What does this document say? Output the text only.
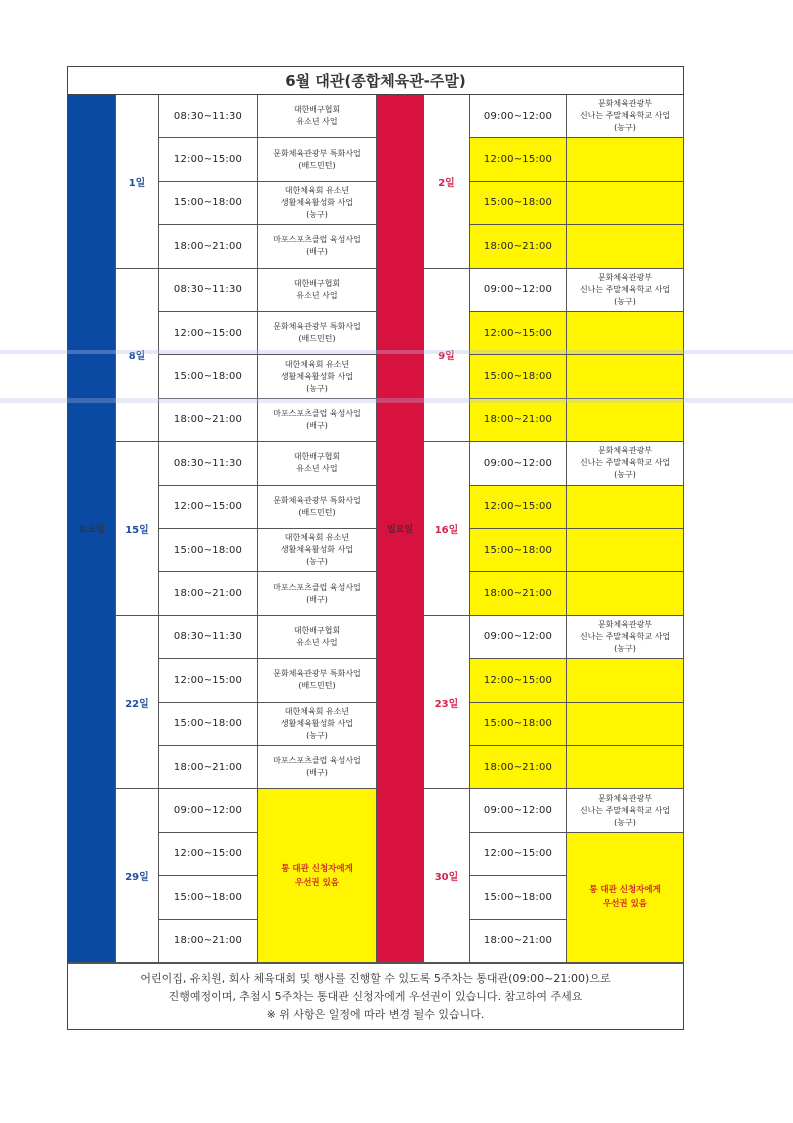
6월 대관(종합체육관-주말)
토요일	일요일
1일
08:30~11:30
대한배구협회
유소년 사업
12:00~15:00
문화체육관광부 특화사업
(배드민턴)
15:00~18:00
대한체육회 유소년
생활체육활성화 사업
(농구)
18:00~21:00
마포스포츠클럽 육성사업
(배구)
8일
08:30~11:30
대한배구협회
유소년 사업
12:00~15:00
문화체육관광부 특화사업
(배드민턴)
15:00~18:00
대한체육회 유소년
생활체육활성화 사업
(농구)
18:00~21:00
마포스포츠클럽 육성사업
(배구)
15일
08:30~11:30
대한배구협회
유소년 사업
12:00~15:00
문화체육관광부 특화사업
(배드민턴)
15:00~18:00
대한체육회 유소년
생활체육활성화 사업
(농구)
18:00~21:00
마포스포츠클럽 육성사업
(배구)
22일
08:30~11:30
대한배구협회
유소년 사업
12:00~15:00
문화체육관광부 특화사업
(배드민턴)
15:00~18:00
대한체육회 유소년
생활체육활성화 사업
(농구)
18:00~21:00
마포스포츠클럽 육성사업
(배구)
29일
09:00~12:00
12:00~15:00
15:00~18:00
18:00~21:00
통 대관 신청자에게
우선권 있음
2일
09:00~12:00
문화체육관광부
신나는 주말체육학교 사업
(농구)
12:00~15:00
15:00~18:00
18:00~21:00
9일
09:00~12:00
문화체육관광부
신나는 주말체육학교 사업
(농구)
12:00~15:00
15:00~18:00
18:00~21:00
16일
09:00~12:00
문화체육관광부
신나는 주말체육학교 사업
(농구)
12:00~15:00
15:00~18:00
18:00~21:00
23일
09:00~12:00
문화체육관광부
신나는 주말체육학교 사업
(농구)
12:00~15:00
15:00~18:00
18:00~21:00
30일
09:00~12:00
문화체육관광부
신나는 주말체육학교 사업
(농구)
12:00~15:00
15:00~18:00
18:00~21:00
통 대관 신청자에게
우선권 있음
어린이집, 유치원, 회사 체육대회 및 행사를 진행할 수 있도록 5주차는 통대관(09:00~21:00)으로
진행예정이며, 추첨시 5주차는 통대관 신청자에게 우선권이 있습니다. 참고하여 주세요
※ 위 사항은 일정에 따라 변경 될수 있습니다.
